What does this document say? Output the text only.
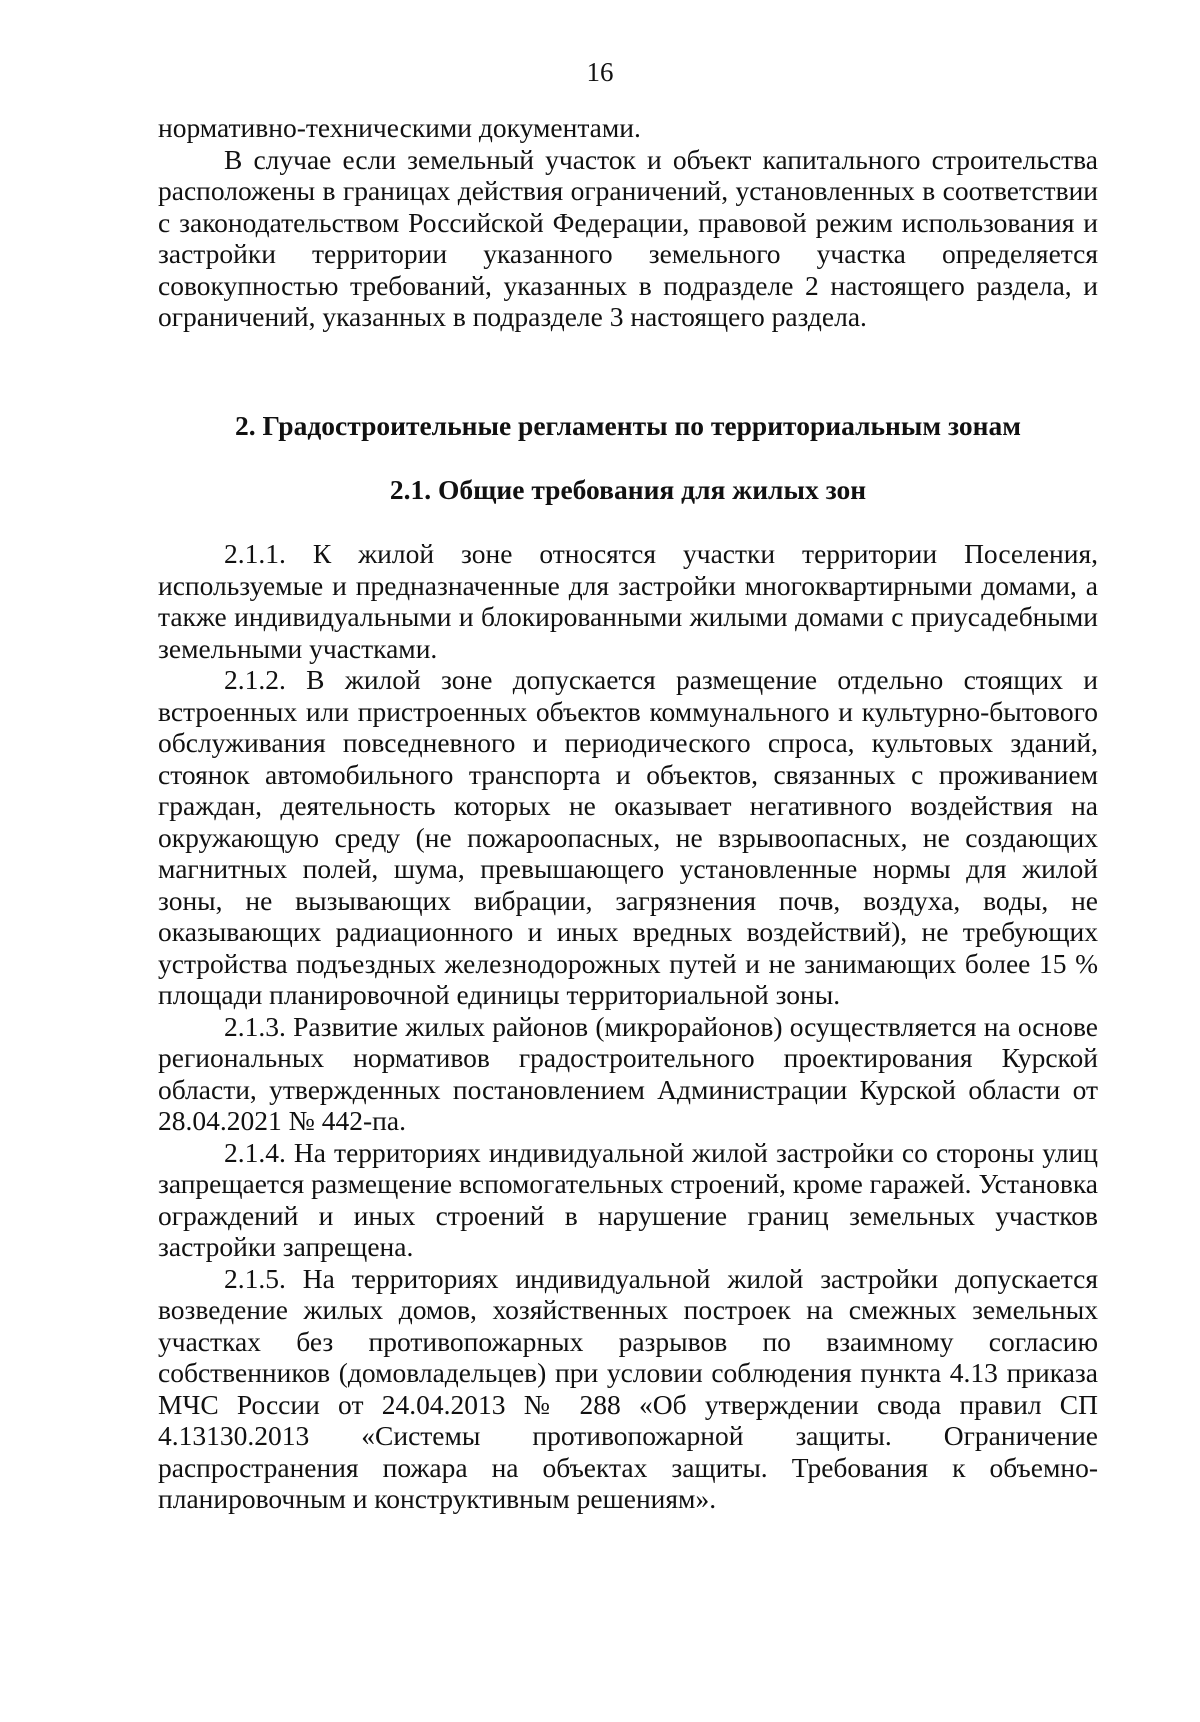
16

нормативно-техническими документами.

В случае если земельный участок и объект капитального строительства расположены в границах действия ограничений, установленных в соответствии с законодательством Российской Федерации, правовой режим использования и застройки территории указанного земельного участка определяется совокупностью требований, указанных в подразделе 2 настоящего раздела, и ограничений, указанных в подразделе 3 настоящего раздела.

2. Градостроительные регламенты по территориальным зонам
2.1. Общие требования для жилых зон

2.1.1. К жилой зоне относятся участки территории Поселения, используемые и предназначенные для застройки многоквартирными домами, а также индивидуальными и блокированными жилыми домами с приусадебными земельными участками.

2.1.2. В жилой зоне допускается размещение отдельно стоящих и встроенных или пристроенных объектов коммунального и культурно-бытового обслуживания повседневного и периодического спроса, культовых зданий, стоянок автомобильного транспорта и объектов, связанных с проживанием граждан, деятельность которых не оказывает негативного воздействия на окружающую среду (не пожароопасных, не взрывоопасных, не создающих магнитных полей, шума, превышающего установленные нормы для жилой зоны, не вызывающих вибрации, загрязнения почв, воздуха, воды, не оказывающих радиационного и иных вредных воздействий), не требующих устройства подъездных железнодорожных путей и не занимающих более 15 % площади планировочной единицы территориальной зоны.

2.1.3. Развитие жилых районов (микрорайонов) осуществляется на основе региональных нормативов градостроительного проектирования Курской области, утвержденных постановлением Администрации Курской области от 28.04.2021 № 442-па.

2.1.4. На территориях индивидуальной жилой застройки со стороны улиц запрещается размещение вспомогательных строений, кроме гаражей. Установка ограждений и иных строений в нарушение границ земельных участков застройки запрещена.

2.1.5. На территориях индивидуальной жилой застройки допускается возведение жилых домов, хозяйственных построек на смежных земельных участках без противопожарных разрывов по взаимному согласию собственников (домовладельцев) при условии соблюдения пункта 4.13 приказа МЧС России от 24.04.2013 № 288 «Об утверждении свода правил СП 4.13130.2013 «Системы противопожарной защиты. Ограничение распространения пожара на объектах защиты. Требования к объемно-планировочным и конструктивным решениям».
